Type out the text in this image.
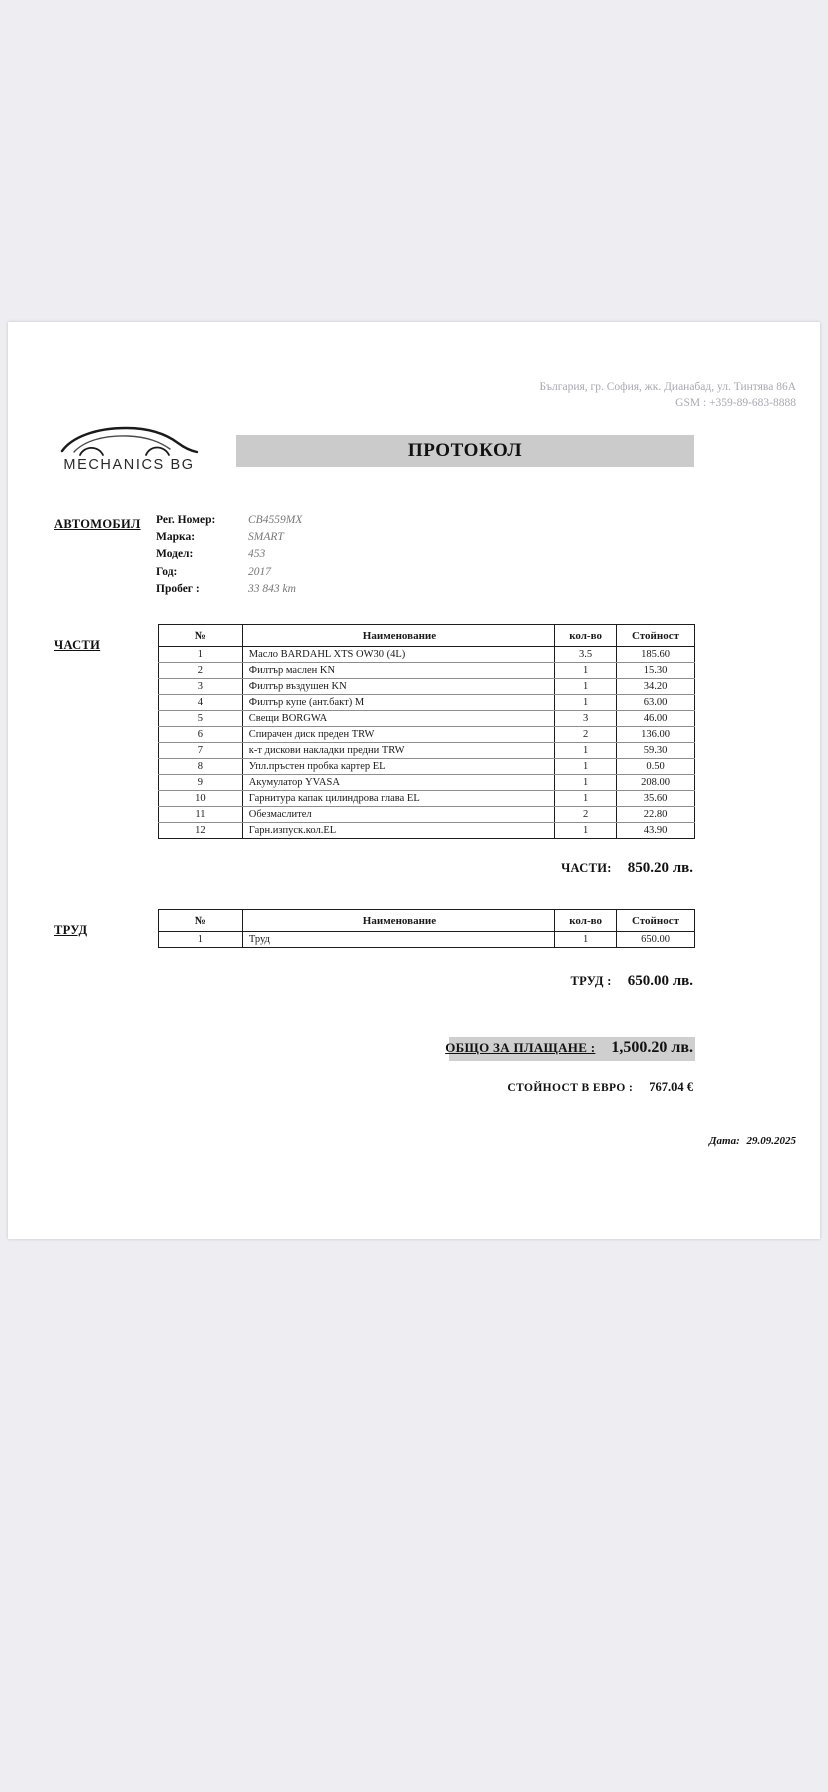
България, гр. София, жк. Дианабад, ул. Тинтява 86А
GSM : +359-89-683-8888
MECHANICS BG
ПРОТОКОЛ
АВТОМОБИЛ Рег. Номер:	CB4559MX
Марка:	SMART
Модел:	453
Год:	2017
Пробег :	33 843 km
ЧАСТИ
№	Наименование	кол-во	Стойност
1	Масло BARDAHL XTS OW30 (4L)	3.5	185.60
2	Филтър маслен KN	1	15.30
3	Филтър въздушен KN	1	34.20
4	Филтър купе (ант.бакт) M	1	63.00
5	Свещи BORGWA	3	46.00
6	Спирачен диск преден TRW	2	136.00
7	к-т дискови накладки предни TRW	1	59.30
8	Упл.пръстен пробка картер EL	1	0.50
9	Акумулатор YVASA	1	208.00
10	Гарнитура капак цилиндрова глава EL	1	35.60
11	Обезмаслител	2	22.80
12	Гарн.изпуск.кол.EL	1	43.90
ЧАСТИ: 850.20 лв.
ТРУД
№	Наименование	кол-во	Стойност
1	Труд	1	650.00
ТРУД : 650.00 лв.
ОБЩО ЗА ПЛАЩАНЕ : 1,500.20 лв.
СТОЙНОСТ В ЕВРО : 767.04 €
Дата: 29.09.2025
